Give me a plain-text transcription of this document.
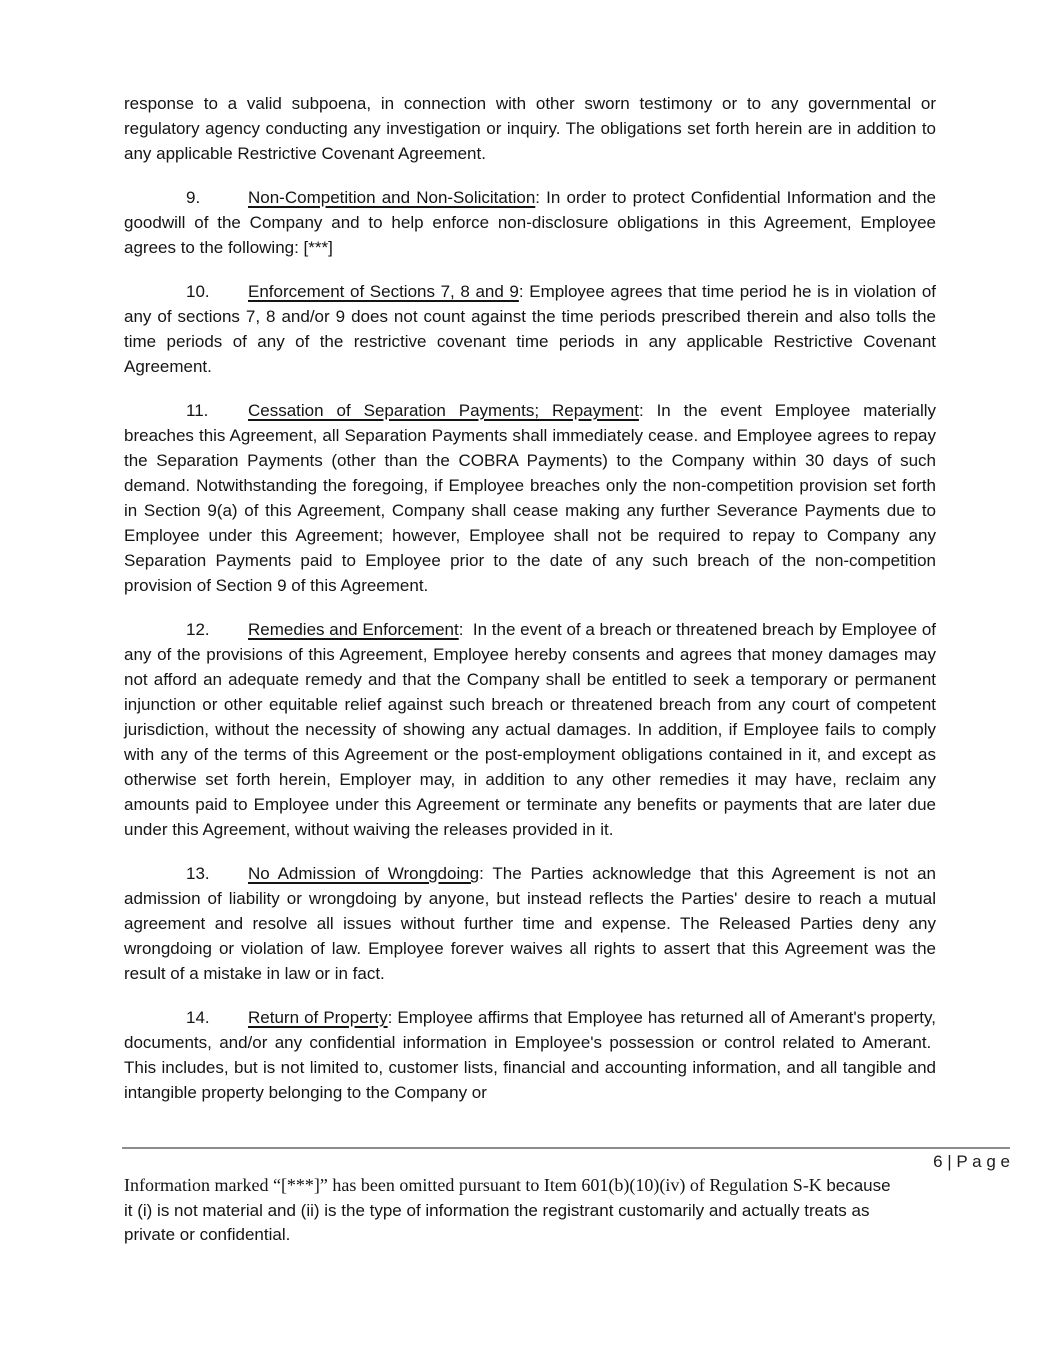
response to a valid subpoena, in connection with other sworn testimony or to any governmental or regulatory agency conducting any investigation or inquiry. The obligations set forth herein are in addition to any applicable Restrictive Covenant Agreement.

9.	Non-Competition and Non-Solicitation: In order to protect Confidential Information and the goodwill of the Company and to help enforce non-disclosure obligations in this Agreement, Employee agrees to the following: [***]

10. Enforcement of Sections 7, 8 and 9: Employee agrees that time period he is in violation of any of sections 7, 8 and/or 9 does not count against the time periods prescribed therein and also tolls the time periods of any of the restrictive covenant time periods in any applicable Restrictive Covenant Agreement.

11. Cessation of Separation Payments; Repayment: In the event Employee materially breaches this Agreement, all Separation Payments shall immediately cease. and Employee agrees to repay the Separation Payments (other than the COBRA Payments) to the Company within 30 days of such demand. Notwithstanding the foregoing, if Employee breaches only the non-competition provision set forth in Section 9(a) of this Agreement, Company shall cease making any further Severance Payments due to Employee under this Agreement; however, Employee shall not be required to repay to Company any Separation Payments paid to Employee prior to the date of any such breach of the non-competition provision of Section 9 of this Agreement.

12. Remedies and Enforcement:  In the event of a breach or threatened breach by Employee of any of the provisions of this Agreement, Employee hereby consents and agrees that money damages may not afford an adequate remedy and that the Company shall be entitled to seek a temporary or permanent injunction or other equitable relief against such breach or threatened breach from any court of competent jurisdiction, without the necessity of showing any actual damages. In addition, if Employee fails to comply with any of the terms of this Agreement or the post-employment obligations contained in it, and except as otherwise set forth herein, Employer may, in addition to any other remedies it may have, reclaim any amounts paid to Employee under this Agreement or terminate any benefits or payments that are later due under this Agreement, without waiving the releases provided in it.

13. No Admission of Wrongdoing: The Parties acknowledge that this Agreement is not an admission of liability or wrongdoing by anyone, but instead reflects the Parties' desire to reach a mutual agreement and resolve all issues without further time and expense. The Released Parties deny any wrongdoing or violation of law. Employee forever waives all rights to assert that this Agreement was the result of a mistake in law or in fact.

14. Return of Property: Employee affirms that Employee has returned all of Amerant's property, documents, and/or any confidential information in Employee's possession or control related to Amerant.  This includes, but is not limited to, customer lists, financial and accounting information, and all tangible and intangible property belonging to the Company or

6 | P a g e
Information marked “[***]” has been omitted pursuant to Item 601(b)(10)(iv) of Regulation S-K because
it (i) is not material and (ii) is the type of information the registrant customarily and actually treats as
private or confidential.
